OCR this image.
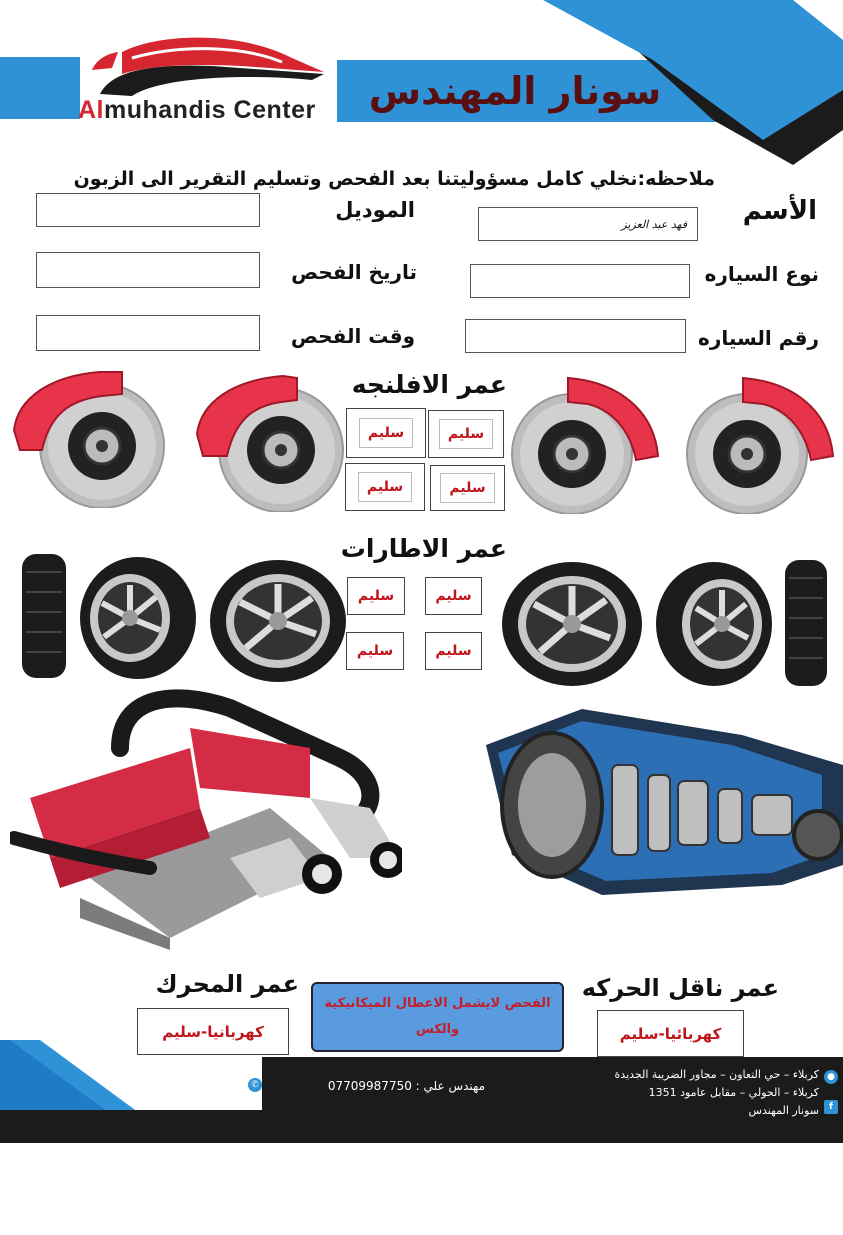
Almuhandis Center	سونار المهندس
ملاحظه:نخلي كامل مسؤوليتنا بعد الفحص وتسليم التقرير الى الزبون
الأسم
فهد عبد العزيز
الموديل
نوع السياره
تاريخ الفحص
رقم السياره
وقت الفحص
عمر الافلنجه
سليم	سليم
سليم	سليم
عمر الاطارات
سليم	سليم
سليم	سليم
عمر المحرك
كهربانيا-سليم
عمر ناقل الحركه
كهربائيا-سليم
الفحص لايشمل الاعطال الميكانيكية والكس
✆	مهندس علي : 07709987750
●
كربلاء – حي التعاون – مجاور الضريبة الجديدة
كربلاء – الحولي – مقابل عامود 1351
f
سونار المهندس
